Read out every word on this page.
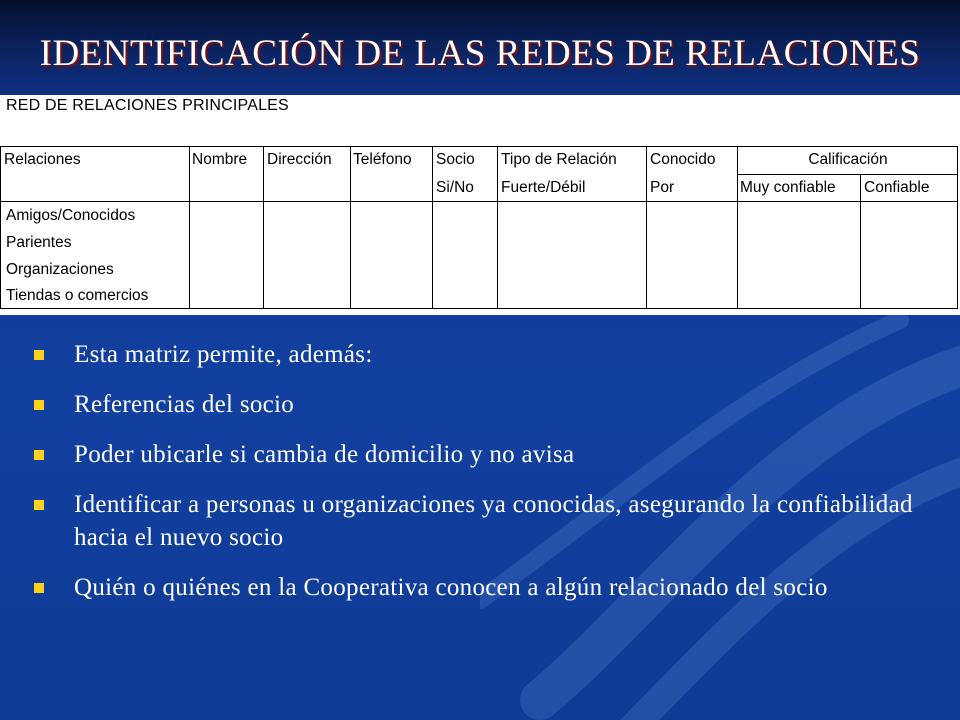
IDENTIFICACIÓN DE LAS REDES DE RELACIONES
RED DE RELACIONES PRINCIPALES
Relaciones	Nombre Dirección Teléfono Socio
Si/No
Tipo de Relación
Fuerte/Débil
Conocido
Por
Calificación
Muy confiable Confiable
Amigos/Conocidos
Parientes
Organizaciones
Tiendas o comercios
Esta matriz permite, además:
Referencias del socio
Poder ubicarle si cambia de domicilio y no avisa
Identificar a personas u organizaciones ya conocidas, asegurando la confiabilidad hacia el nuevo socio
Quién o quiénes en la Cooperativa conocen a algún relacionado del socio
